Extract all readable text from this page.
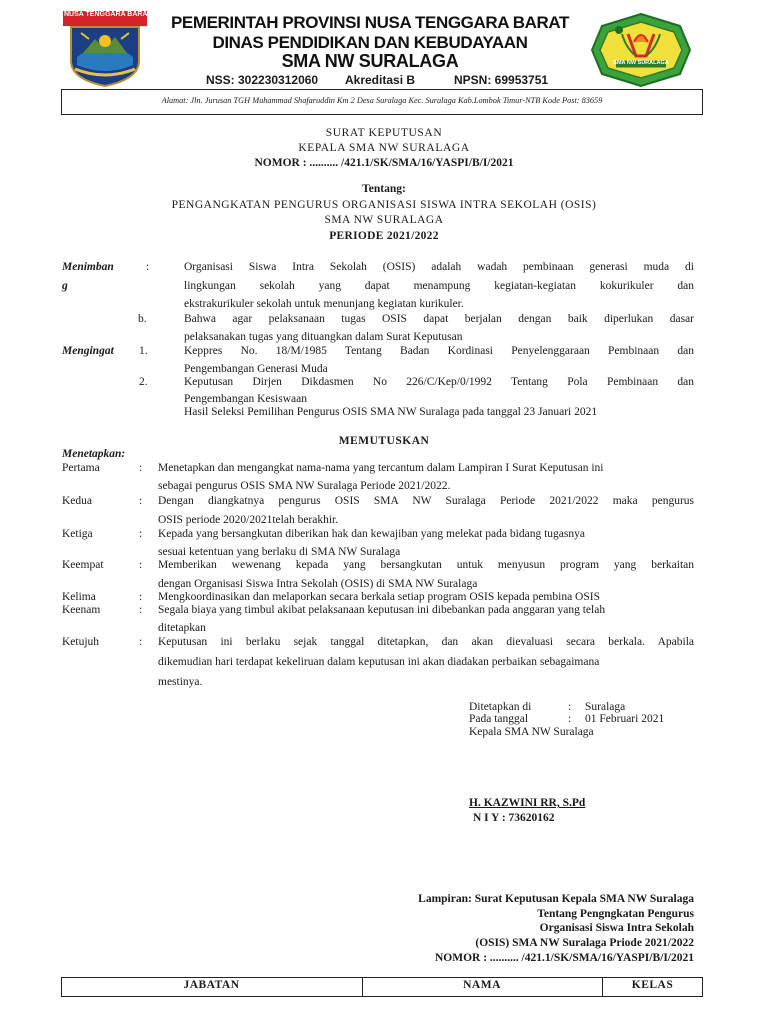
NUSA TENGGARA BARAT
SMA NW SURALAGA
PEMERINTAH PROVINSI NUSA TENGGARA BARAT
DINAS PENDIDIKAN DAN KEBUDAYAAN
SMA NW SURALAGA
NSS: 302230312060 Akreditasi B	NPSN: 69953751
Alamat: Jln. Jurusan TGH Muhammad Shafaruddin Km 2 Desa Suralaga Kec. Suralaga Kab.Lombok Timur-NTB Kode Post: 83659
SURAT KEPUTUSAN
KEPALA SMA NW SURALAGA
NOMOR : .......... /421.1/SK/SMA/16/YASPI/B/I/2021
Tentang:
PENGANGKATAN PENGURUS ORGANISASI SISWA INTRA SEKOLAH (OSIS)
SMA NW SURALAGA
PERIODE 2021/2022
Menimban
g
:	Organisasi Siswa Intra Sekolah (OSIS) adalah wadah pembinaan generasi muda di
lingkungan sekolah yang dapat menampung kegiatan-kegiatan kokurikuler dan
ekstrakurikuler sekolah untuk menunjang kegiatan kurikuler.
b.	Bahwa agar pelaksanaan tugas OSIS dapat berjalan dengan baik diperlukan dasar
pelaksanakan tugas yang dituangkan dalam Surat Keputusan
Mengingat 1.	Keppres No. 18/M/1985 Tentang Badan Kordinasi Penyelenggaraan Pembinaan dan
Pengembangan Generasi Muda
2.	Keputusan Dirjen Dikdasmen No 226/C/Kep/0/1992 Tentang Pola Pembinaan dan
Pengembangan Kesiswaan
Hasil Seleksi Pemilihan Pengurus OSIS SMA NW Suralaga pada tanggal 23 Januari 2021
MEMUTUSKAN
Menetapkan:
Pertama	: Menetapkan dan mengangkat nama-nama yang tercantum dalam Lampiran I Surat Keputusan ini
sebagai pengurus OSIS SMA NW Suralaga Periode 2021/2022.
Kedua	: Dengan diangkatnya pengurus OSIS SMA NW Suralaga Periode 2021/2022 maka pengurus
OSIS periode 2020/2021telah berakhir.
Ketiga	: Kepada yang bersangkutan diberikan hak dan kewajiban yang melekat pada bidang tugasnya
sesuai ketentuan yang berlaku di SMA NW Suralaga
Keempat	: Memberikan wewenang kepada yang bersangkutan untuk menyusun program yang berkaitan
dengan Organisasi Siswa Intra Sekolah (OSIS) di SMA NW Suralaga
Kelima	: Mengkoordinasikan dan melaporkan secara berkala setiap program OSIS kepada pembina OSIS
Keenam	: Segala biaya yang timbul akibat pelaksanaan keputusan ini dibebankan pada anggaran yang telah
ditetapkan
Ketujuh	: Keputusan ini berlaku sejak tanggal ditetapkan, dan akan dievaluasi secara berkala. Apabila
dikemudian hari terdapat kekeliruan dalam keputusan ini akan diadakan perbaikan sebagaimana
mestinya.
Ditetapkan di	: Suralaga
Pada tanggal	: 01 Februari 2021
Kepala SMA NW Suralaga
H. KAZWINI RR, S.Pd
N I Y : 73620162
Lampiran: Surat Keputusan Kepala SMA NW Suralaga
Tentang Pengngkatan Pengurus
Organisasi Siswa Intra Sekolah
(OSIS) SMA NW Suralaga Priode 2021/2022
NOMOR : .......... /421.1/SK/SMA/16/YASPI/B/I/2021
JABATAN	NAMA	KELAS
